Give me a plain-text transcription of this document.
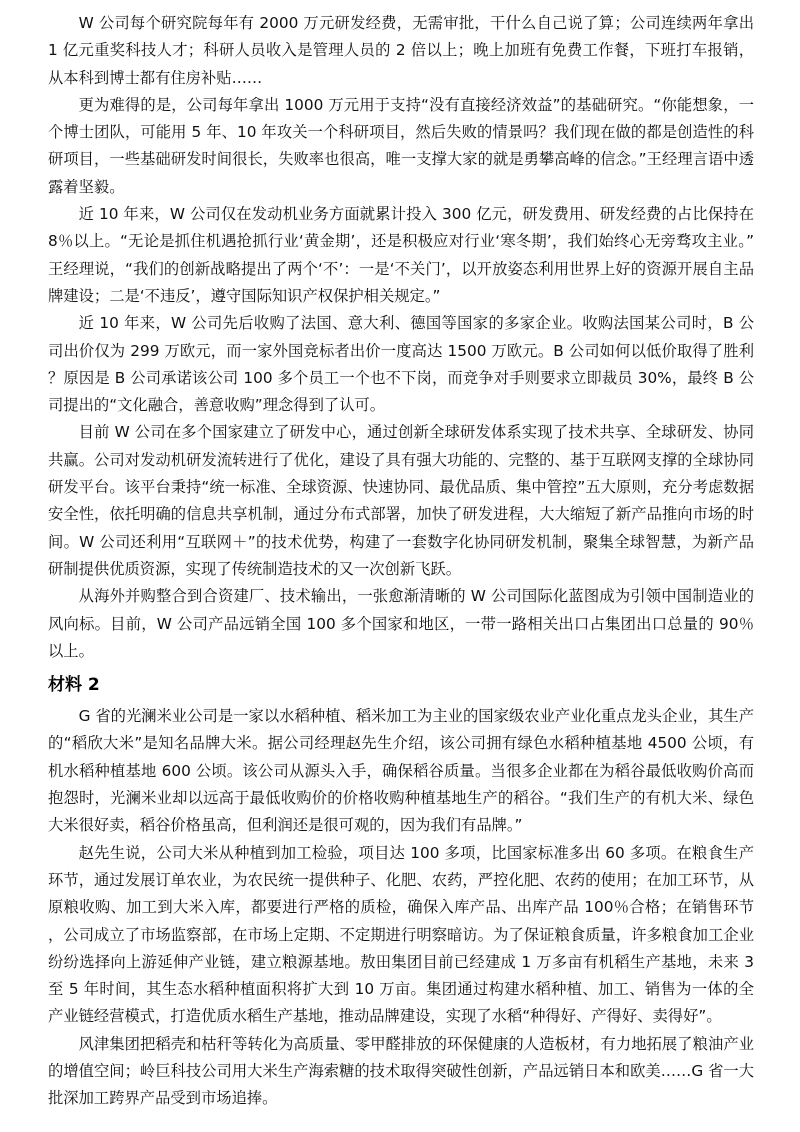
W 公司每个研究院每年有 2000 万元研发经费，无需审批，干什么自己说了算；公司连续两年拿出 1 亿元重奖科技人才；科研人员收入是管理人员的 2 倍以上；晚上加班有免费工作餐，下班打车报销，从本科到博士都有住房补贴……

更为难得的是，公司每年拿出 1000 万元用于支持“没有直接经济效益”的基础研究。“你能想象，一个博士团队，可能用 5 年、10 年攻关一个科研项目，然后失败的情景吗？我们现在做的都是创造性的科研项目，一些基础研发时间很长，失败率也很高，唯一支撑大家的就是勇攀高峰的信念。”王经理言语中透露着坚毅。

近 10 年来，W 公司仅在发动机业务方面就累计投入 300 亿元，研发费用、研发经费的占比保持在 8％以上。“无论是抓住机遇抢抓行业‘黄金期’，还是积极应对行业‘寒冬期’，我们始终心无旁骛攻主业。”王经理说，“我们的创新战略提出了两个‘不’：一是‘不关门’，以开放姿态利用世界上好的资源开展自主品牌建设；二是‘不违反’，遵守国际知识产权保护相关规定。”

近 10 年来，W 公司先后收购了法国、意大利、德国等国家的多家企业。收购法国某公司时，B 公司出价仅为 299 万欧元，而一家外国竞标者出价一度高达 1500 万欧元。B 公司如何以低价取得了胜利？原因是 B 公司承诺该公司 100 多个员工一个也不下岗，而竞争对手则要求立即裁员 30%，最终 B 公司提出的“文化融合，善意收购”理念得到了认可。

目前 W 公司在多个国家建立了研发中心，通过创新全球研发体系实现了技术共享、全球研发、协同共赢。公司对发动机研发流转进行了优化，建设了具有强大功能的、完整的、基于互联网支撑的全球协同研发平台。该平台秉持“统一标准、全球资源、快速协同、最优品质、集中管控”五大原则，充分考虑数据安全性，依托明确的信息共享机制，通过分布式部署，加快了研发进程，大大缩短了新产品推向市场的时间。W 公司还利用“互联网＋”的技术优势，构建了一套数字化协同研发机制，聚集全球智慧，为新产品研制提供优质资源，实现了传统制造技术的又一次创新飞跃。

从海外并购整合到合资建厂、技术输出，一张愈渐清晰的 W 公司国际化蓝图成为引领中国制造业的风向标。目前，W 公司产品远销全国 100 多个国家和地区，一带一路相关出口占集团出口总量的 90％以上。

材料 2

G 省的光澜米业公司是一家以水稻种植、稻米加工为主业的国家级农业产业化重点龙头企业，其生产的“稻欣大米”是知名品牌大米。据公司经理赵先生介绍，该公司拥有绿色水稻种植基地 4500 公顷，有机水稻种植基地 600 公顷。该公司从源头入手，确保稻谷质量。当很多企业都在为稻谷最低收购价高而抱怨时，光澜米业却以远高于最低收购价的价格收购种植基地生产的稻谷。“我们生产的有机大米、绿色大米很好卖，稻谷价格虽高，但利润还是很可观的，因为我们有品牌。”

赵先生说，公司大米从种植到加工检验，项目达 100 多项，比国家标准多出 60 多项。在粮食生产环节，通过发展订单农业，为农民统一提供种子、化肥、农药，严控化肥、农药的使用；在加工环节，从原粮收购、加工到大米入库，都要进行严格的质检，确保入库产品、出库产品 100％合格；在销售环节，公司成立了市场监察部，在市场上定期、不定期进行明察暗访。为了保证粮食质量，许多粮食加工企业纷纷选择向上游延伸产业链，建立粮源基地。敖田集团目前已经建成 1 万多亩有机稻生产基地，未来 3 至 5 年时间，其生态水稻种植面积将扩大到 10 万亩。集团通过构建水稻种植、加工、销售为一体的全产业链经营模式，打造优质水稻生产基地，推动品牌建设，实现了水稻“种得好、产得好、卖得好”。

风津集团把稻壳和枯秆等转化为高质量、零甲醛排放的环保健康的人造板材，有力地拓展了粮油产业的增值空间；岭巨科技公司用大米生产海索糖的技术取得突破性创新，产品远销日本和欧美……G 省一大批深加工跨界产品受到市场追捧。
